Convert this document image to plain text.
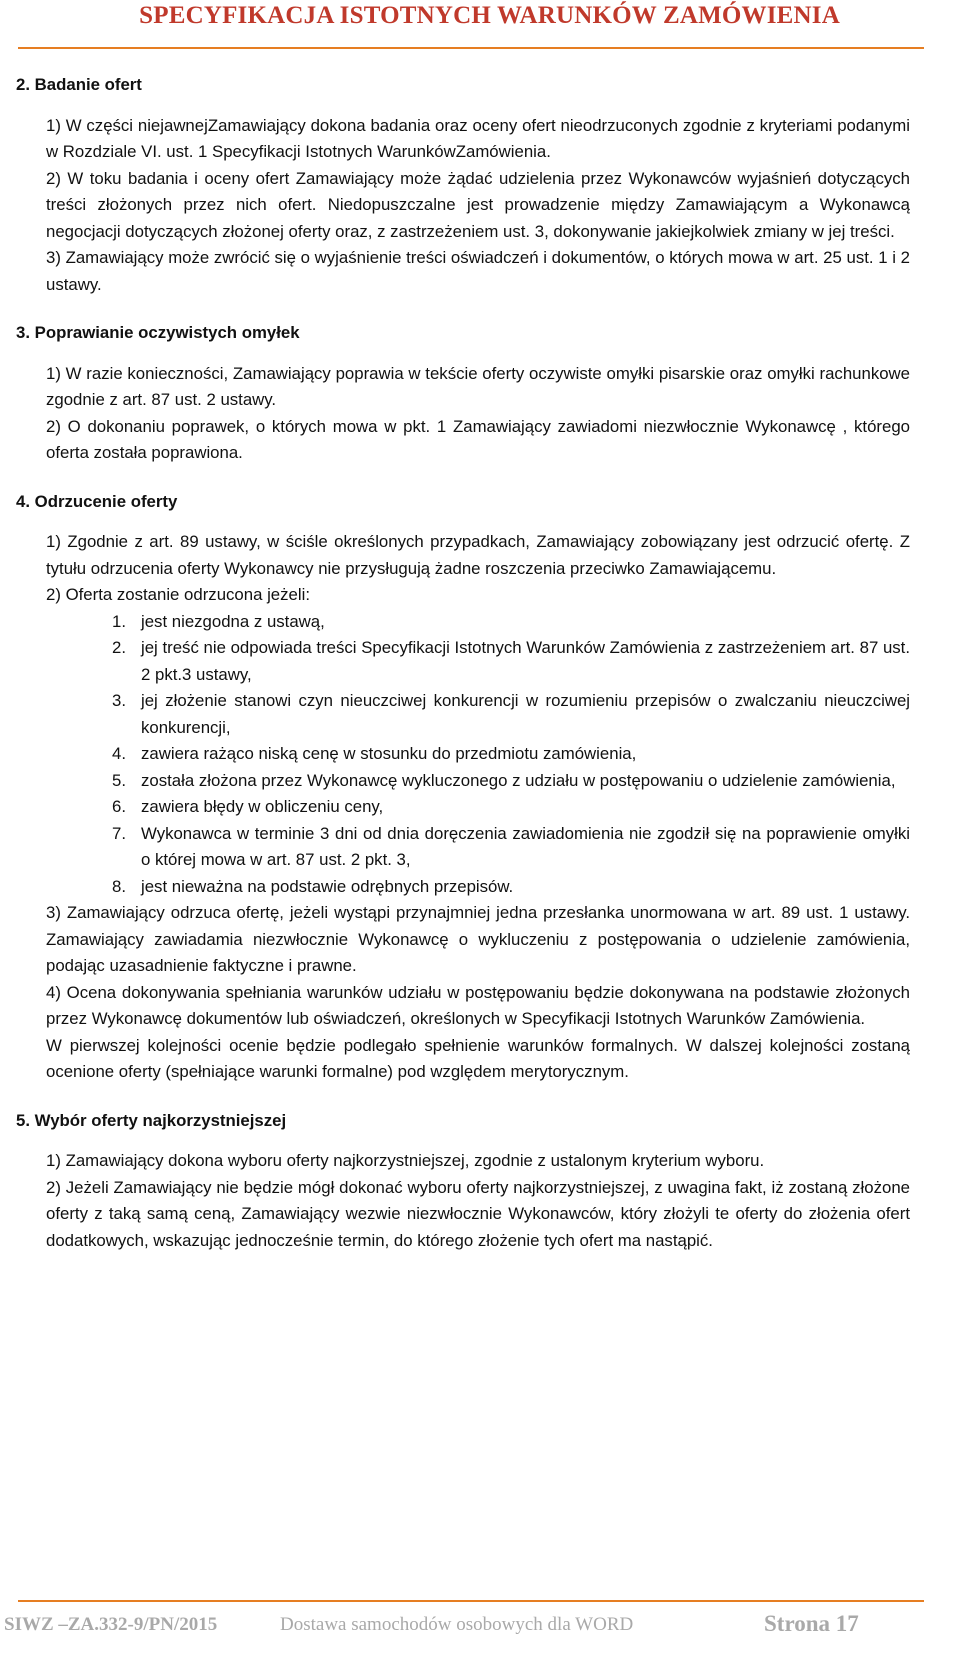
SPECYFIKACJA ISTOTNYCH WARUNKÓW ZAMÓWIENIA
2. Badanie ofert
1) W części niejawnejZamawiający dokona badania oraz oceny ofert nieodrzuconych zgodnie z kryteriami podanymi w Rozdziale VI. ust. 1 Specyfikacji Istotnych WarunkówZamówienia.
2) W toku badania i oceny ofert Zamawiający może żądać udzielenia przez Wykonawców wyjaśnień dotyczących treści złożonych przez nich ofert. Niedopuszczalne jest prowadzenie między Zamawiającym a Wykonawcą negocjacji dotyczących złożonej oferty oraz, z zastrzeżeniem ust. 3, dokonywanie jakiejkolwiek zmiany w jej treści.
3) Zamawiający może zwrócić się o wyjaśnienie treści oświadczeń i dokumentów, o których mowa w art. 25 ust. 1 i 2 ustawy.
3. Poprawianie oczywistych omyłek
1) W razie konieczności, Zamawiający poprawia w tekście oferty oczywiste omyłki pisarskie oraz omyłki rachunkowe zgodnie z art. 87 ust. 2 ustawy.
2) O dokonaniu poprawek, o których mowa w pkt. 1 Zamawiający zawiadomi niezwłocznie Wykonawcę , którego oferta została poprawiona.
4. Odrzucenie oferty
1) Zgodnie z art. 89 ustawy, w ściśle określonych przypadkach, Zamawiający zobowiązany jest odrzucić ofertę. Z tytułu odrzucenia oferty Wykonawcy nie przysługują żadne roszczenia przeciwko Zamawiającemu.
2) Oferta zostanie odrzucona jeżeli:
1. jest niezgodna z ustawą,
2. jej treść nie odpowiada treści Specyfikacji Istotnych Warunków Zamówienia z zastrzeżeniem art. 87 ust. 2 pkt.3 ustawy,
3. jej złożenie stanowi czyn nieuczciwej konkurencji w rozumieniu przepisów o zwalczaniu nieuczciwej konkurencji,
4. zawiera rażąco niską cenę w stosunku do przedmiotu zamówienia,
5. została złożona przez Wykonawcę wykluczonego z udziału w postępowaniu o udzielenie zamówienia,
6. zawiera błędy w obliczeniu ceny,
7. Wykonawca w terminie 3 dni od dnia doręczenia zawiadomienia nie zgodził się na poprawienie omyłki o której mowa w art. 87 ust. 2 pkt. 3,
8. jest nieważna na podstawie odrębnych przepisów.
3) Zamawiający odrzuca ofertę, jeżeli wystąpi przynajmniej jedna przesłanka unormowana w art. 89 ust. 1 ustawy. Zamawiający zawiadamia niezwłocznie Wykonawcę o wykluczeniu z postępowania o udzielenie zamówienia, podając uzasadnienie faktyczne i prawne.
4) Ocena dokonywania spełniania warunków udziału w postępowaniu będzie dokonywana na podstawie złożonych przez Wykonawcę dokumentów lub oświadczeń, określonych w Specyfikacji Istotnych Warunków Zamówienia.
W pierwszej kolejności ocenie będzie podlegało spełnienie warunków formalnych. W dalszej kolejności zostaną ocenione oferty (spełniające warunki formalne) pod względem merytorycznym.
5. Wybór oferty najkorzystniejszej
1) Zamawiający dokona wyboru oferty najkorzystniejszej, zgodnie z ustalonym kryterium wyboru.
2) Jeżeli Zamawiający nie będzie mógł dokonać wyboru oferty najkorzystniejszej, z uwagina fakt, iż zostaną złożone oferty z taką samą ceną, Zamawiający wezwie niezwłocznie Wykonawców, który złożyli te oferty do złożenia ofert dodatkowych, wskazując jednocześnie termin, do którego złożenie tych ofert ma nastąpić.
SIWZ –ZA.332-9/PN/2015	Dostawa samochodów osobowych dla WORD	Strona 17
